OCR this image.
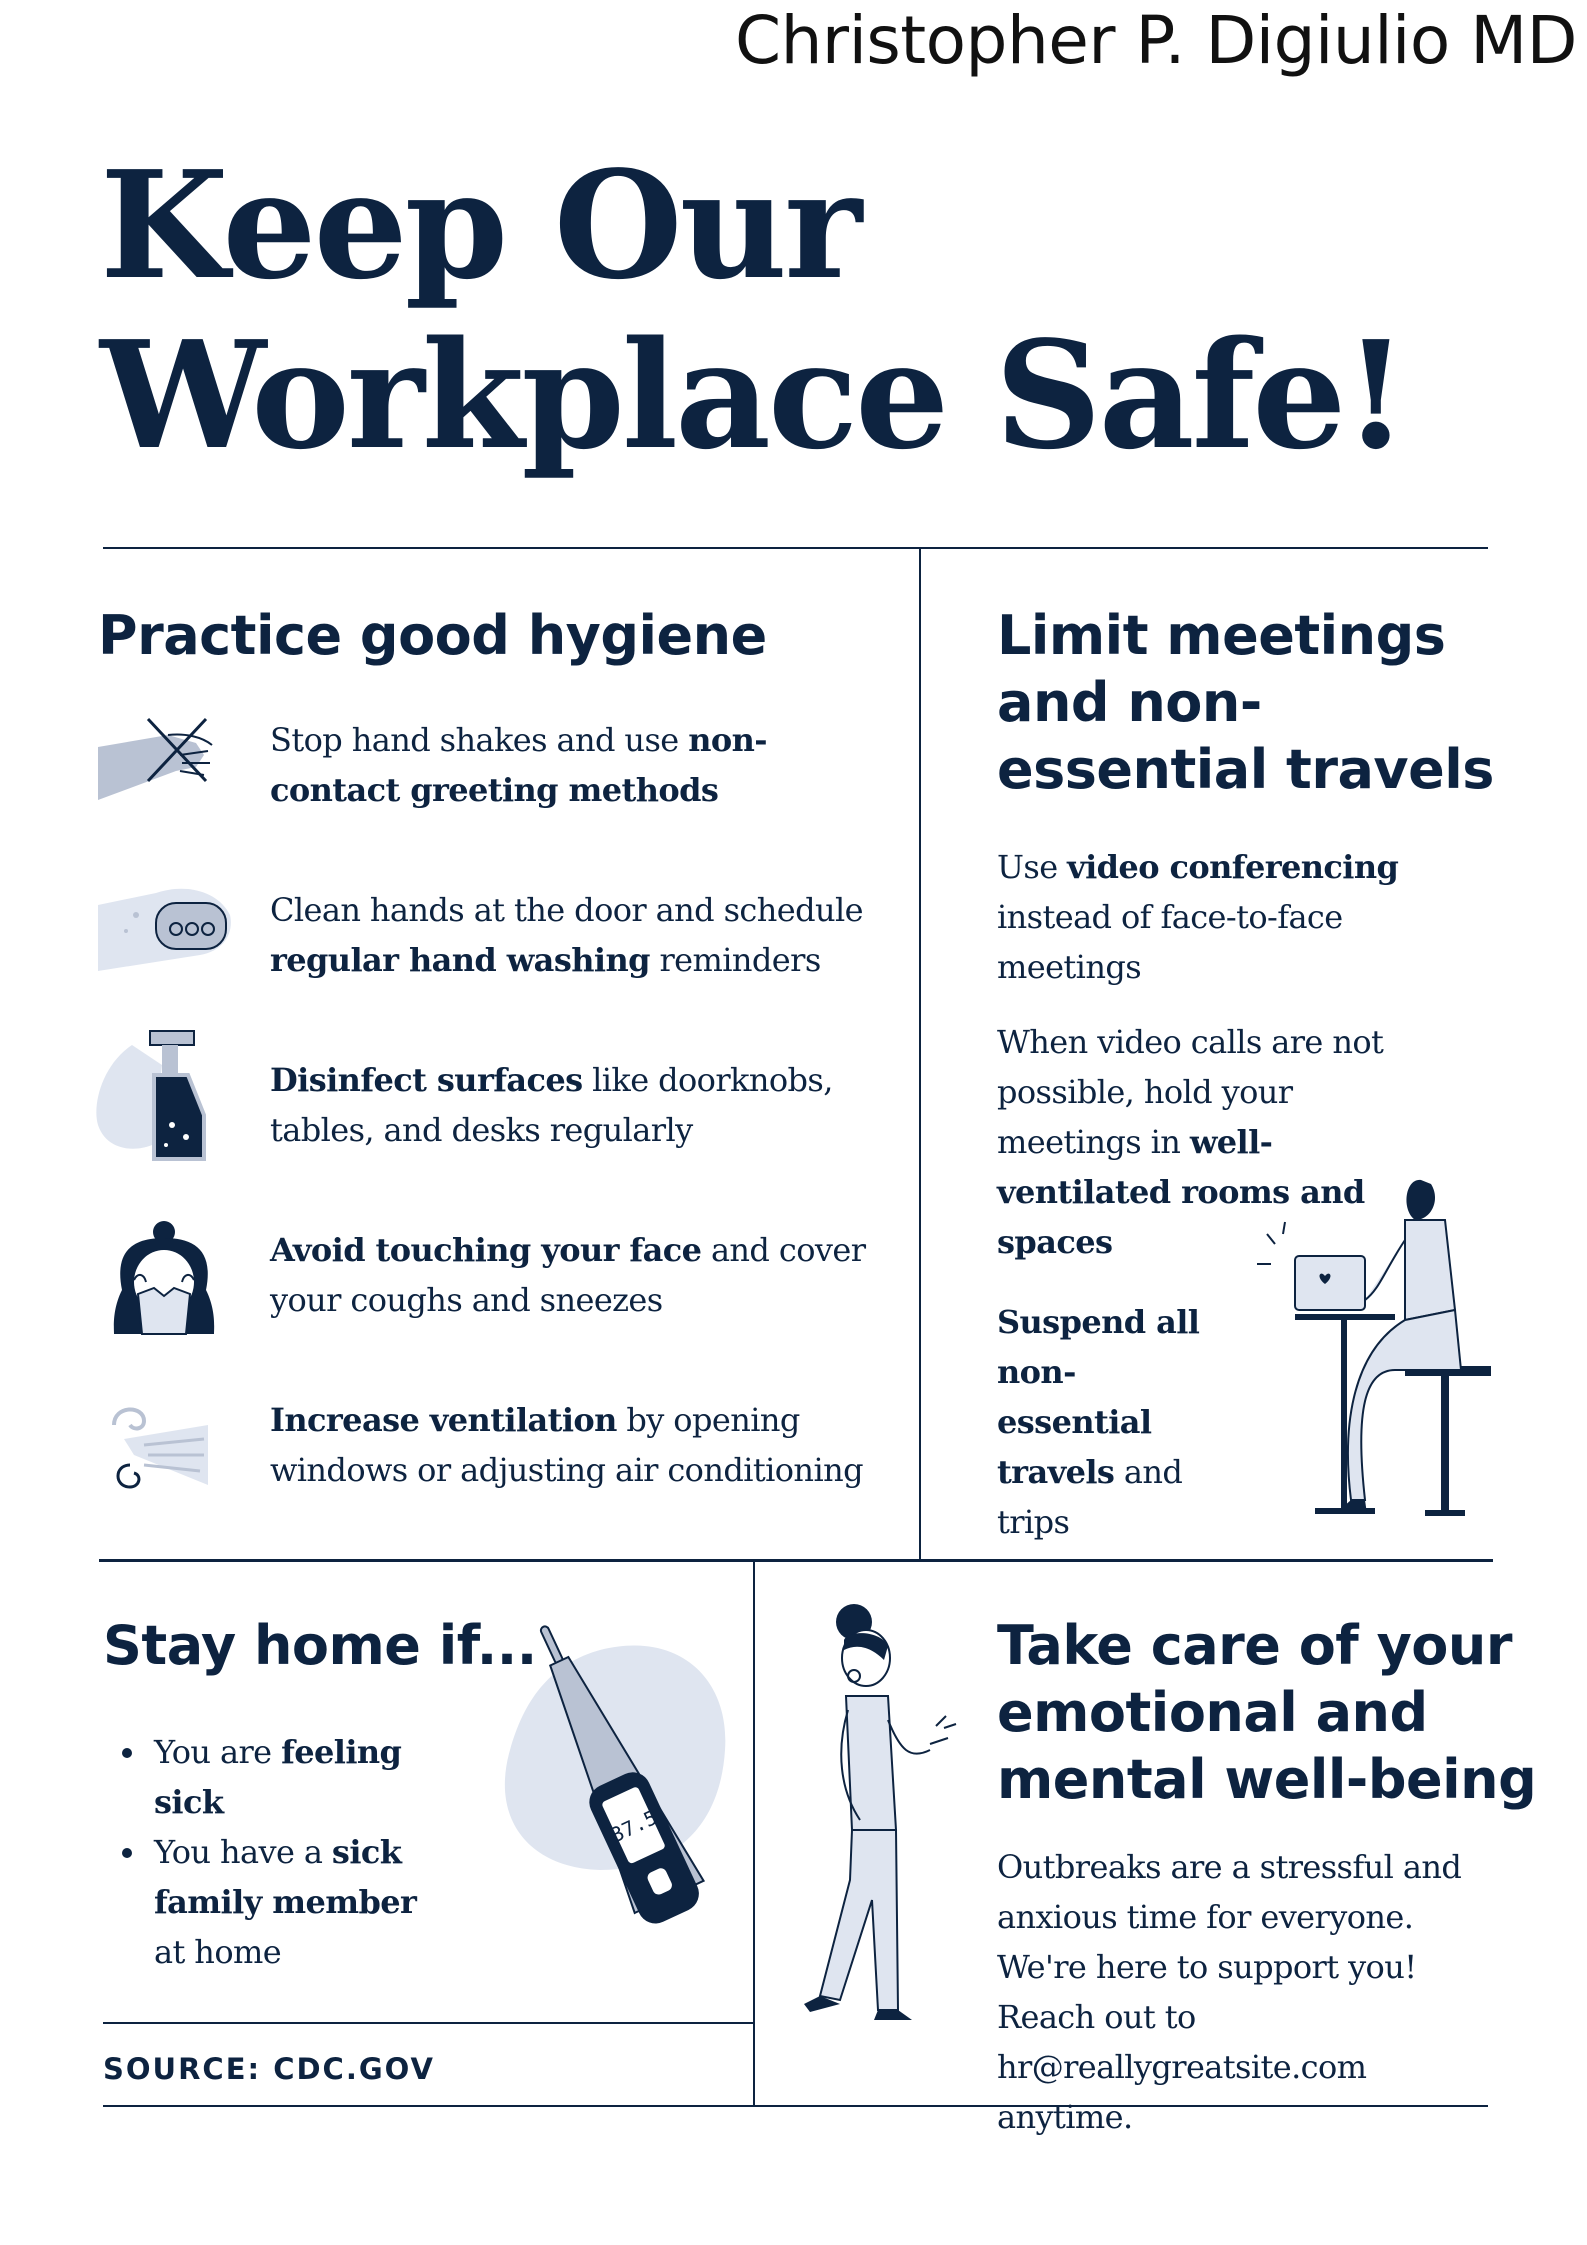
Christopher P. Digiulio MD
Keep Our
Workplace Safe!
Practice good hygiene
Stop hand shakes and use non-contact greeting methods
Clean hands at the door and schedule regular hand washing reminders
Disinfect surfaces like doorknobs, tables, and desks regularly
Avoid touching your face and cover your coughs and sneezes
Increase ventilation by opening windows or adjusting air conditioning
Limit meetings
and non-
essential travels
Use video conferencing instead of face-to-face meetings
When video calls are not possible, hold your meetings in well-ventilated rooms and spaces
Suspend all non-essential travels and trips
Stay home if...
You are feeling sick
You have a sick family member at home
37.5
SOURCE: CDC.GOV
Take care of your
emotional and
mental well-being
Outbreaks are a stressful and anxious time for everyone. We're here to support you! Reach out to hr@reallygreatsite.com anytime.
